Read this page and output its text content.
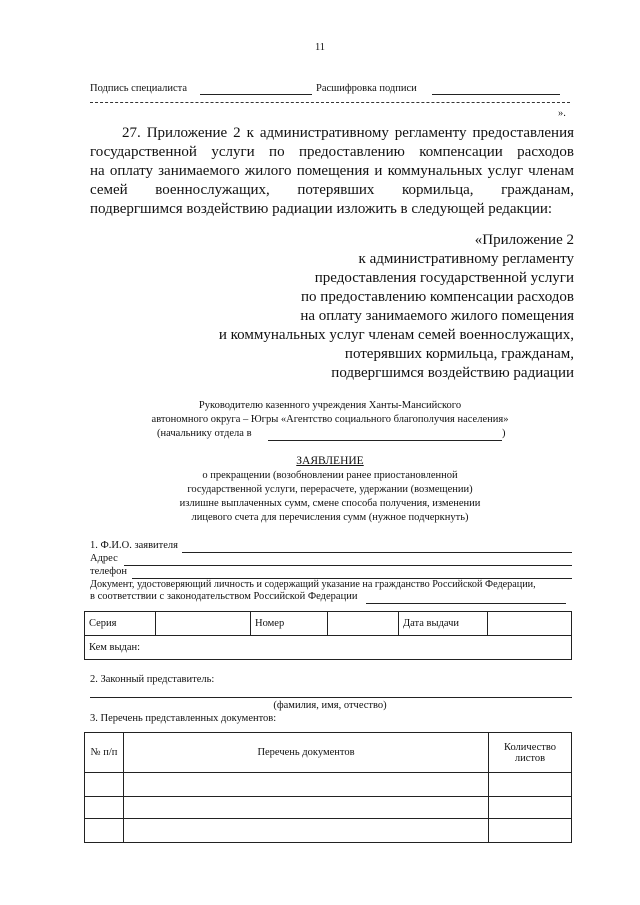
11
Подпись специалиста	Расшифровка подписи
».
27. Приложение 2 к административному регламенту предоставления
государственной услуги по предоставлению компенсации расходов
на оплату занимаемого жилого помещения и коммунальных услуг членам
семей военнослужащих, потерявших кормильца, гражданам,
подвергшимся воздействию радиации изложить в следующей редакции:
«Приложение 2
к административному регламенту
предоставления государственной услуги
по предоставлению компенсации расходов
на оплату занимаемого жилого помещения
и коммунальных услуг членам семей военнослужащих,
потерявших кормильца, гражданам,
подвергшимся воздействию радиации
Руководителю казенного учреждения Ханты-Мансийского
автономного округа – Югры «Агентство социального благополучия населения»
(начальнику отдела в	)
ЗАЯВЛЕНИЕ
о прекращении (возобновлении ранее приостановленной
государственной услуги, перерасчете, удержании (возмещении)
излишне выплаченных сумм, смене способа получения, изменении
лицевого счета для перечисления сумм (нужное подчеркнуть)
1. Ф.И.О. заявителя
Адрес
телефон
Документ, удостоверяющий личность и содержащий указание на гражданство Российской Федерации,
в соответствии с законодательством Российской Федерации
Серия		Номер		Дата выдачи	
Кем выдан:
2. Законный представитель:
(фамилия, имя, отчество)
3. Перечень представленных документов:
№ п/п	Перечень документов	Количество
листов
